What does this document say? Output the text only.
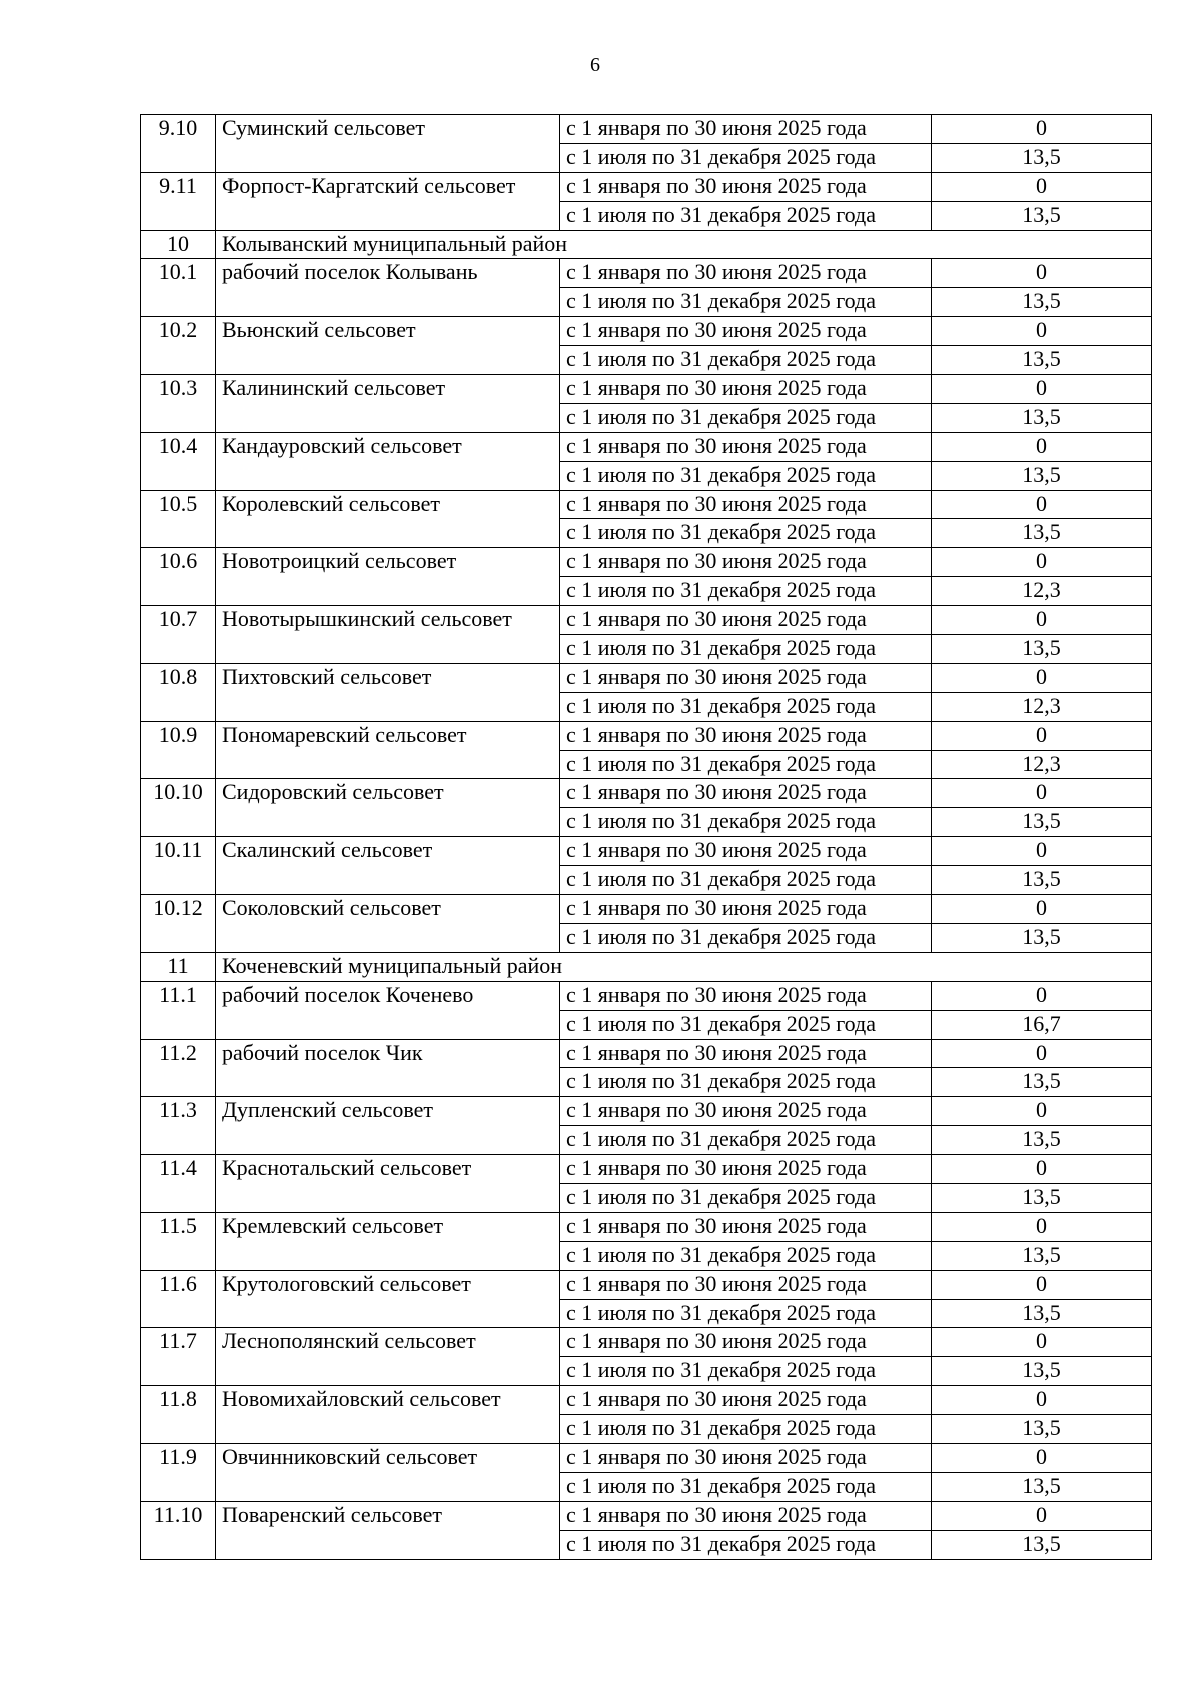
6
9.10	Суминский сельсовет	с 1 января по 30 июня 2025 года	0
		с 1 июля по 31 декабря 2025 года	13,5
9.11	Форпост-Каргатский сельсовет	с 1 января по 30 июня 2025 года	0
		с 1 июля по 31 декабря 2025 года	13,5
10	Колыванский муниципальный район		
10.1	рабочий поселок Колывань	с 1 января по 30 июня 2025 года	0
		с 1 июля по 31 декабря 2025 года	13,5
10.2	Вьюнский сельсовет	с 1 января по 30 июня 2025 года	0
		с 1 июля по 31 декабря 2025 года	13,5
10.3	Калининский сельсовет	с 1 января по 30 июня 2025 года	0
		с 1 июля по 31 декабря 2025 года	13,5
10.4	Кандауровский сельсовет	с 1 января по 30 июня 2025 года	0
		с 1 июля по 31 декабря 2025 года	13,5
10.5	Королевский сельсовет	с 1 января по 30 июня 2025 года	0
		с 1 июля по 31 декабря 2025 года	13,5
10.6	Новотроицкий сельсовет	с 1 января по 30 июня 2025 года	0
		с 1 июля по 31 декабря 2025 года	12,3
10.7	Новотырышкинский сельсовет	с 1 января по 30 июня 2025 года	0
		с 1 июля по 31 декабря 2025 года	13,5
10.8	Пихтовский сельсовет	с 1 января по 30 июня 2025 года	0
		с 1 июля по 31 декабря 2025 года	12,3
10.9	Пономаревский сельсовет	с 1 января по 30 июня 2025 года	0
		с 1 июля по 31 декабря 2025 года	12,3
10.10	Сидоровский сельсовет	с 1 января по 30 июня 2025 года	0
		с 1 июля по 31 декабря 2025 года	13,5
10.11	Скалинский сельсовет	с 1 января по 30 июня 2025 года	0
		с 1 июля по 31 декабря 2025 года	13,5
10.12	Соколовский сельсовет	с 1 января по 30 июня 2025 года	0
		с 1 июля по 31 декабря 2025 года	13,5
11	Коченевский муниципальный район		
11.1	рабочий поселок Коченево	с 1 января по 30 июня 2025 года	0
		с 1 июля по 31 декабря 2025 года	16,7
11.2	рабочий поселок Чик	с 1 января по 30 июня 2025 года	0
		с 1 июля по 31 декабря 2025 года	13,5
11.3	Дупленский сельсовет	с 1 января по 30 июня 2025 года	0
		с 1 июля по 31 декабря 2025 года	13,5
11.4	Краснотальский сельсовет	с 1 января по 30 июня 2025 года	0
		с 1 июля по 31 декабря 2025 года	13,5
11.5	Кремлевский сельсовет	с 1 января по 30 июня 2025 года	0
		с 1 июля по 31 декабря 2025 года	13,5
11.6	Крутологовский сельсовет	с 1 января по 30 июня 2025 года	0
		с 1 июля по 31 декабря 2025 года	13,5
11.7	Леснополянский сельсовет	с 1 января по 30 июня 2025 года	0
		с 1 июля по 31 декабря 2025 года	13,5
11.8	Новомихайловский сельсовет	с 1 января по 30 июня 2025 года	0
		с 1 июля по 31 декабря 2025 года	13,5
11.9	Овчинниковский сельсовет	с 1 января по 30 июня 2025 года	0
		с 1 июля по 31 декабря 2025 года	13,5
11.10	Поваренский сельсовет	с 1 января по 30 июня 2025 года	0
		с 1 июля по 31 декабря 2025 года	13,5
